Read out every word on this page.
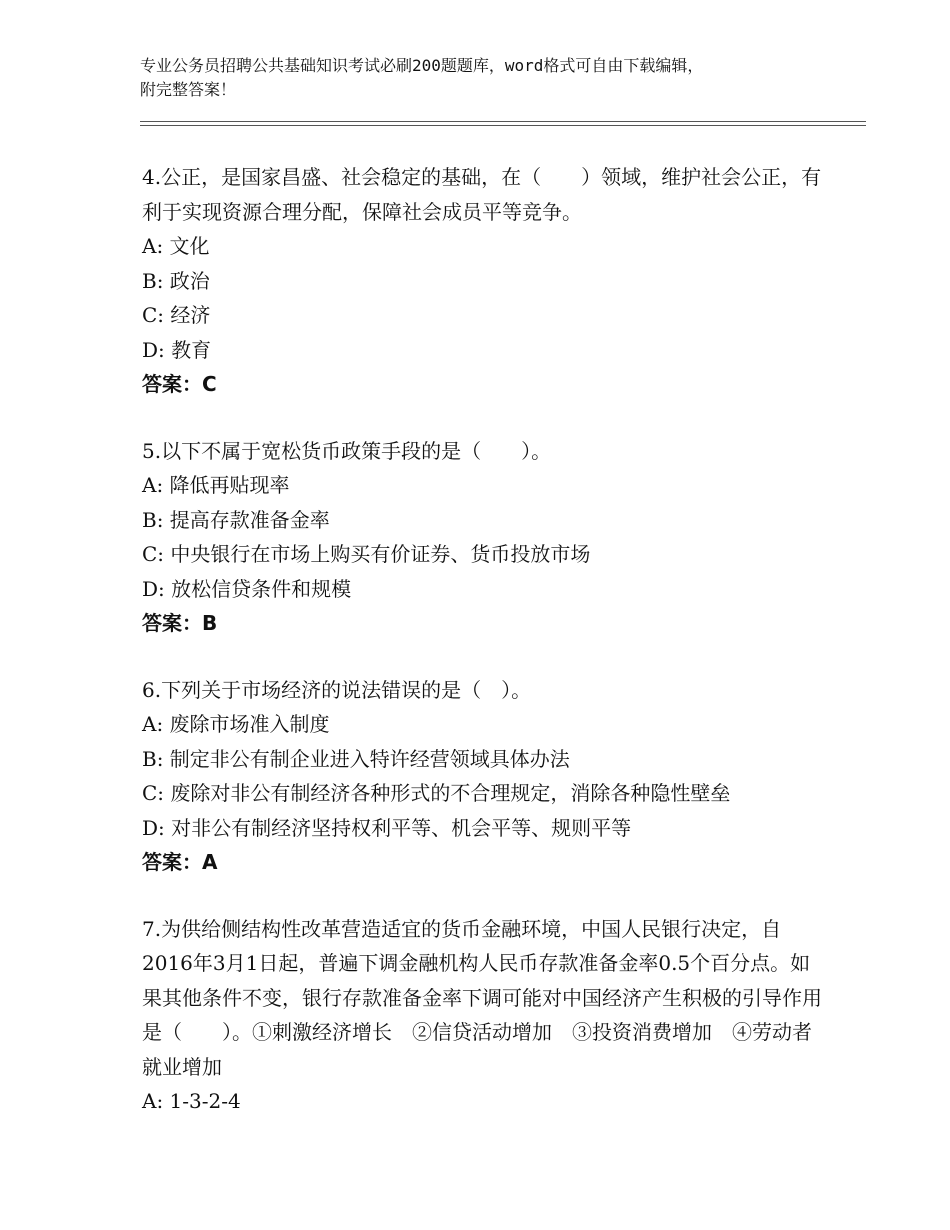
专业公务员招聘公共基础知识考试必刷200题题库，word格式可自由下载编辑，
附完整答案！
4.公正，是国家昌盛、社会稳定的基础，在（　　）领域，维护社会公正，有利于实现资源合理分配，保障社会成员平等竞争。
A: 文化
B: 政治
C: 经济
D: 教育
答案：C
5.以下不属于宽松货币政策手段的是（　　）。
A: 降低再贴现率
B: 提高存款准备金率
C: 中央银行在市场上购买有价证券、货币投放市场
D: 放松信贷条件和规模
答案：B
6.下列关于市场经济的说法错误的是（　）。
A: 废除市场准入制度
B: 制定非公有制企业进入特许经营领域具体办法
C: 废除对非公有制经济各种形式的不合理规定，消除各种隐性壁垒
D: 对非公有制经济坚持权利平等、机会平等、规则平等
答案：A
7.为供给侧结构性改革营造适宜的货币金融环境，中国人民银行决定，自2016年3月1日起，普遍下调金融机构人民币存款准备金率0.5个百分点。如果其他条件不变，银行存款准备金率下调可能对中国经济产生积极的引导作用是（　　）。①刺激经济增长　②信贷活动增加　③投资消费增加　④劳动者就业增加
A: 1-3-2-4
